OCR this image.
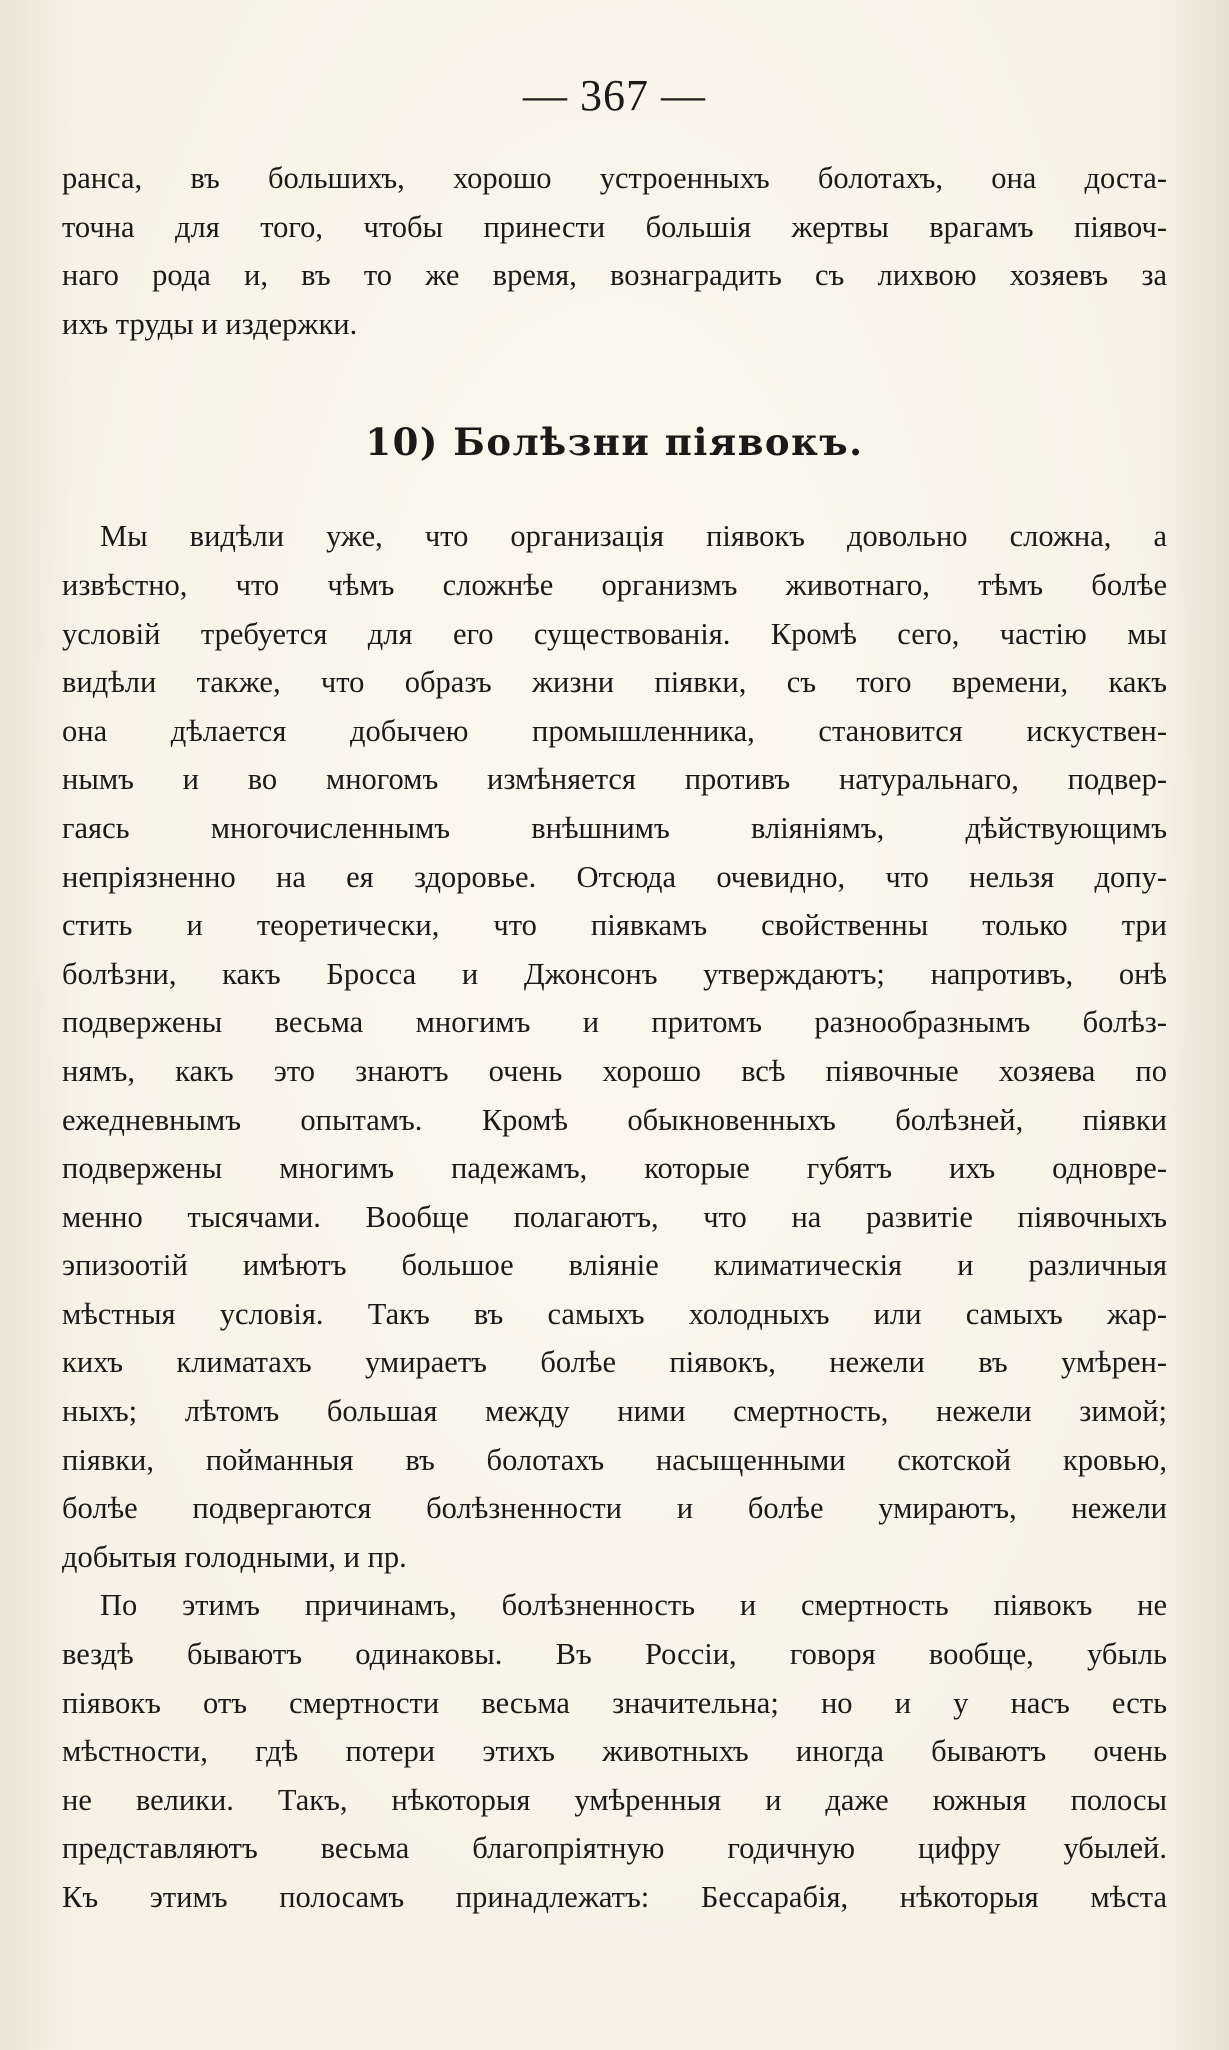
— 367 —
ранса, въ большихъ, хорошо устроенныхъ болотахъ, она доста-
точна для того, чтобы принести большія жертвы врагамъ піявоч-
наго рода и, въ то же время, вознаградить съ лихвою хозяевъ за
ихъ труды и издержки.
10) Болѣзни піявокъ.
Мы видѣли уже, что организація піявокъ довольно сложна, а
извѣстно, что чѣмъ сложнѣе организмъ животнаго, тѣмъ болѣе
условій требуется для его существованія. Кромѣ сего, частію мы
видѣли также, что образъ жизни піявки, съ того времени, какъ
она дѣлается добычею промышленника, становится искуствен-
нымъ и во многомъ измѣняется противъ натуральнаго, подвер-
гаясь многочисленнымъ внѣшнимъ вліяніямъ, дѣйствующимъ
непріязненно на ея здоровье. Отсюда очевидно, что нельзя допу-
стить и теоретически, что піявкамъ свойственны только три
болѣзни, какъ Бросса и Джонсонъ утверждаютъ; напротивъ, онѣ
подвержены весьма многимъ и притомъ разнообразнымъ болѣз-
нямъ, какъ это знаютъ очень хорошо всѣ піявочные хозяева по
ежедневнымъ опытамъ. Кромѣ обыкновенныхъ болѣзней, піявки
подвержены многимъ падежамъ, которые губятъ ихъ одновре-
менно тысячами. Вообще полагаютъ, что на развитіе піявочныхъ
эпизоотій имѣютъ большое вліяніе климатическія и различныя
мѣстныя условія. Такъ въ самыхъ холодныхъ или самыхъ жар-
кихъ климатахъ умираетъ болѣе піявокъ, нежели въ умѣрен-
ныхъ; лѣтомъ большая между ними смертность, нежели зимой;
піявки, пойманныя въ болотахъ насыщенными скотской кровью,
болѣе подвергаются болѣзненности и болѣе умираютъ, нежели
добытыя голодными, и пр.
По этимъ причинамъ, болѣзненность и смертность піявокъ не
вездѣ бываютъ одинаковы. Въ Россіи, говоря вообще, убыль
піявокъ отъ смертности весьма значительна; но и у насъ есть
мѣстности, гдѣ потери этихъ животныхъ иногда бываютъ очень
не велики. Такъ, нѣкоторыя умѣренныя и даже южныя полосы
представляютъ весьма благопріятную годичную цифру убылей.
Къ этимъ полосамъ принадлежатъ: Бессарабія, нѣкоторыя мѣста
